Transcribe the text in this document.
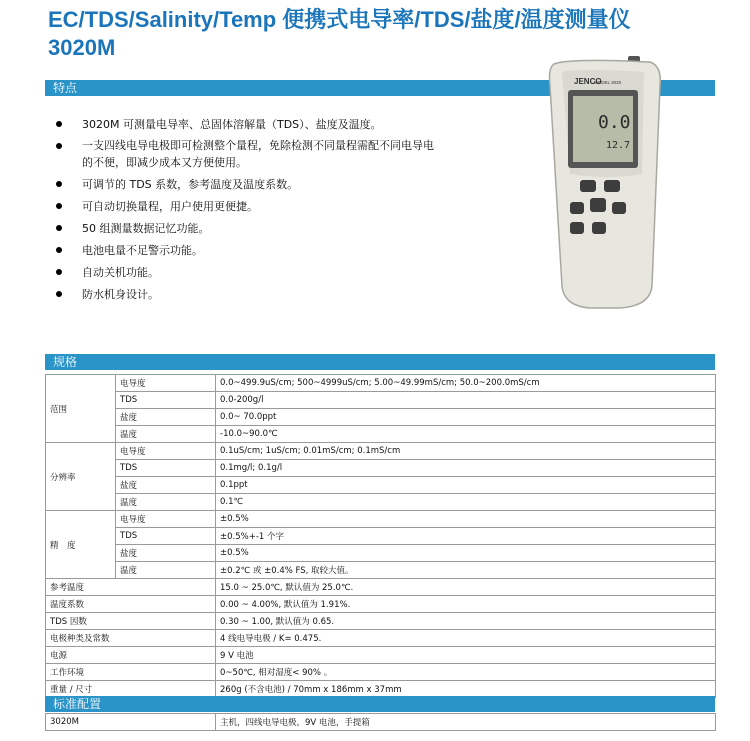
EC/TDS/Salinity/Temp 便携式电导率/TDS/盐度/温度测量仪
3020M
特点
3020M 可测量电导率、总固体溶解量（TDS）、盐度及温度。
一支四线电导电极即可检测整个量程，免除检测不同量程需配不同电导电
的不便，即减少成本又方便使用。
可调节的 TDS 系数，参考温度及温度系数。
可自动切换量程，用户使用更便捷。
50 组测量数据记忆功能。
电池电量不足警示功能。
自动关机功能。
防水机身设计。
JENCO
MODEL 3020
0.0
12.7
规格
范围	电导度	0.0~499.9uS/cm; 500~4999uS/cm; 5.00~49.99mS/cm; 50.0~200.0mS/cm
	TDS	0.0-200g/l
	盐度	0.0~ 70.0ppt
	温度	-10.0~90.0℃
分辨率	电导度	0.1uS/cm; 1uS/cm; 0.01mS/cm; 0.1mS/cm
	TDS	0.1mg/l; 0.1g/l
	盐度	0.1ppt
	温度	0.1℃
精　度	电导度	±0.5%
	TDS	±0.5%+-1 个字
	盐度	±0.5%
	温度	±0.2℃ 或 ±0.4% FS, 取较大值。
参考温度		15.0 ~ 25.0℃, 默认值为 25.0℃.
温度系数		0.00 ~ 4.00%, 默认值为 1.91%.
TDS 因数		0.30 ~ 1.00, 默认值为 0.65.
电极种类及常数		4 线电导电极 / K= 0.475.
电源		9 V 电池
工作环境		0~50℃, 相对湿度< 90% 。
重量 / 尺寸		260g (不含电池) / 70mm x 186mm x 37mm
标准配置
3020M	主机，四线电导电极，9V 电池，手提箱
